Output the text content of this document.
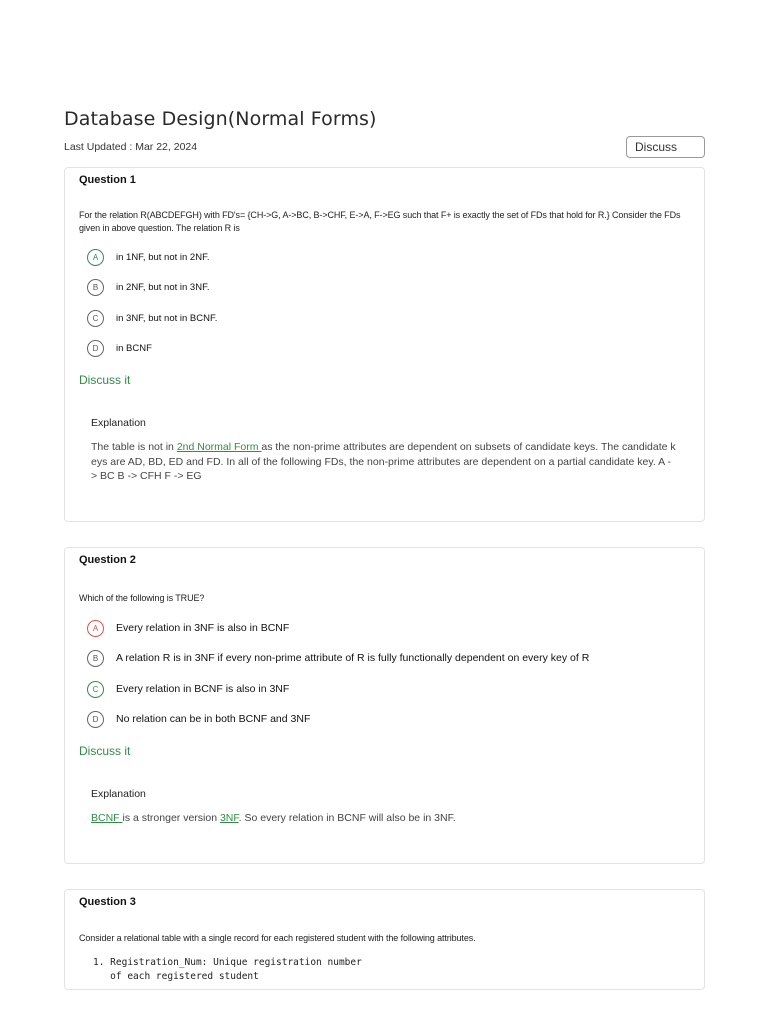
Database Design(Normal Forms)
Last Updated : Mar 22, 2024	Discuss
Question 1
For the relation R(ABCDEFGH) with FD's= {CH->G, A->BC, B->CHF, E->A, F->EG such that F+ is exactly the set of FDs that hold for R.} Consider the FDs given in above question. The relation R is
A	in 1NF, but not in 2NF.
B	in 2NF, but not in 3NF.
C	in 3NF, but not in BCNF.
D	in BCNF
Discuss it
Explanation
The table is not in 2nd Normal Form as the non-prime attributes are dependent on subsets of candidate keys. The candidate keys are AD, BD, ED and FD. In all of the following FDs, the non-prime attributes are dependent on a partial candidate key. A -> BC B -> CFH F -> EG
Question 2
Which of the following is TRUE?
A	Every relation in 3NF is also in BCNF
B	A relation R is in 3NF if every non-prime attribute of R is fully functionally dependent on every key of R
C	Every relation in BCNF is also in 3NF
D	No relation can be in both BCNF and 3NF
Discuss it
Explanation
BCNF is a stronger version 3NF. So every relation in BCNF will also be in 3NF.
Question 3
Consider a relational table with a single record for each registered student with the following attributes.
1. Registration_Num: Unique registration number
of each registered student
